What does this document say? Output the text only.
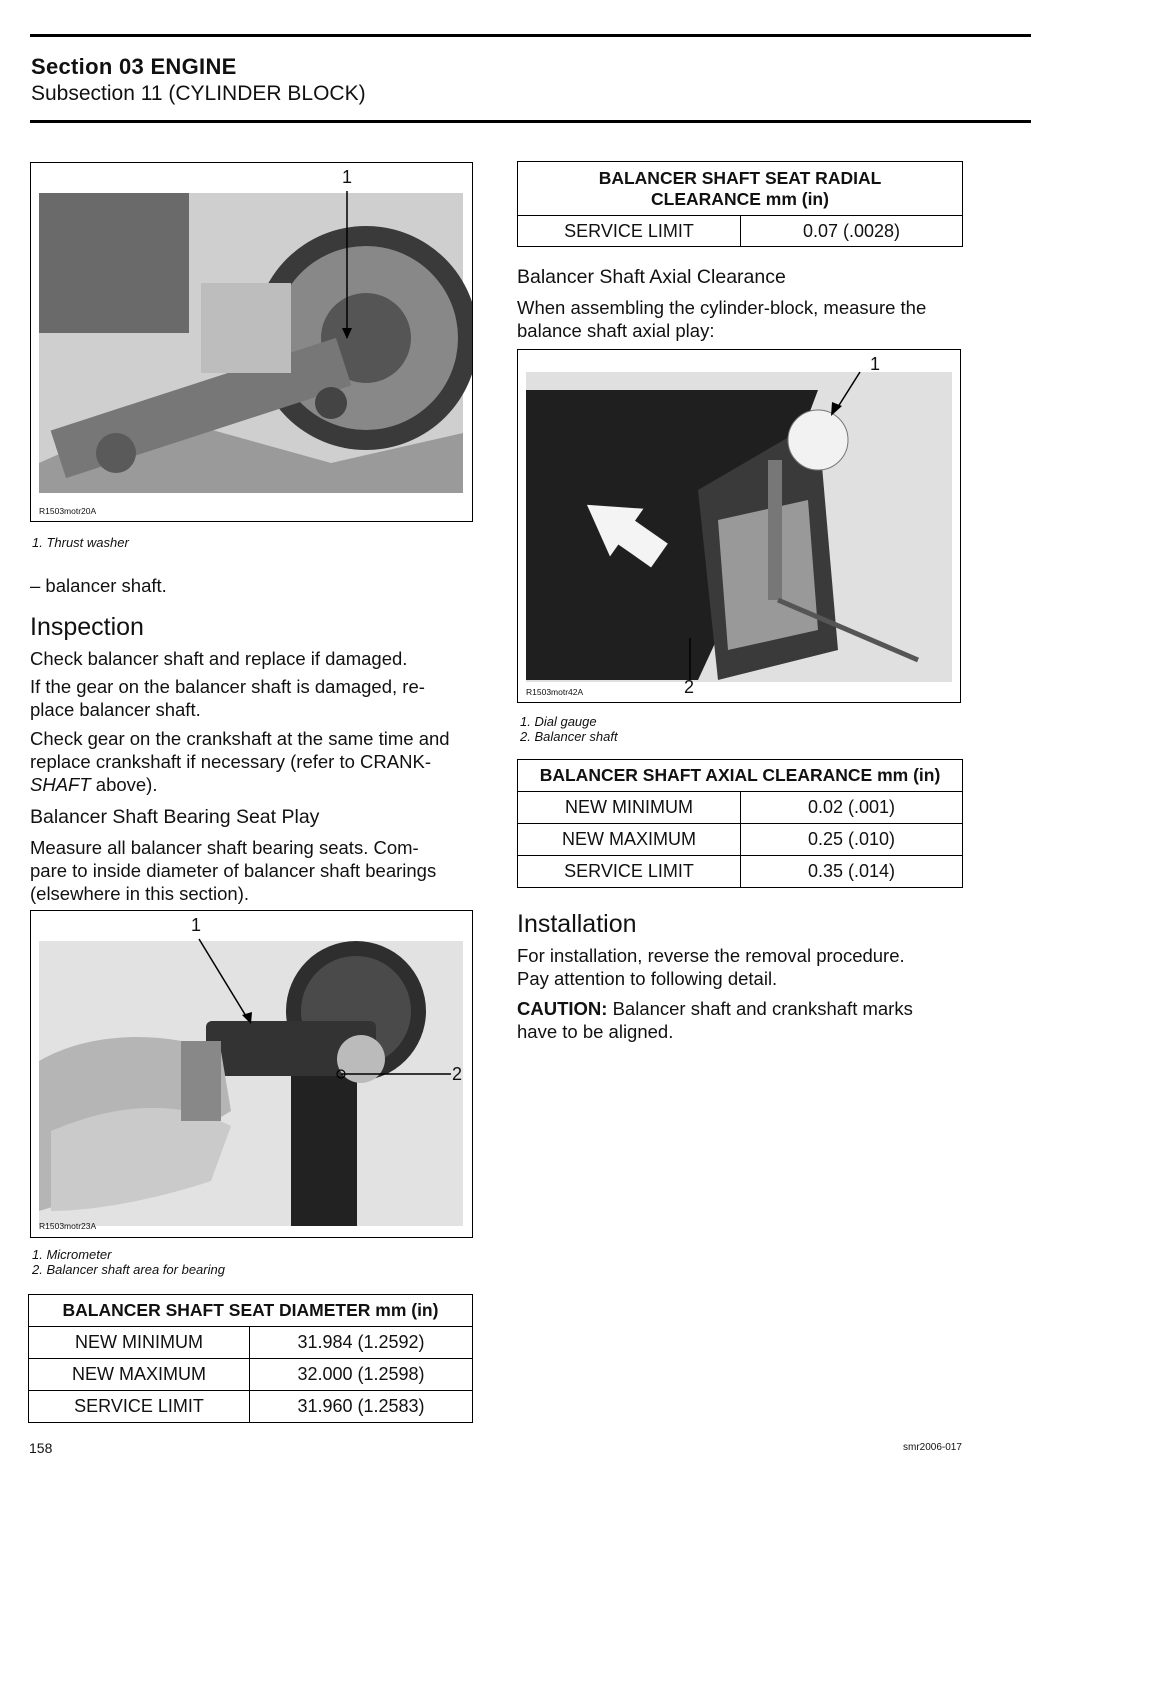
Section 03 ENGINE
Subsection 11 (CYLINDER BLOCK)
1
R1503motr20A
1. Thrust washer
– balancer shaft.
Inspection
Check balancer shaft and replace if damaged.
If the gear on the balancer shaft is damaged, re-
place balancer shaft.
Check gear on the crankshaft at the same time and
replace crankshaft if necessary (refer to CRANK-
SHAFT above).
Balancer Shaft Bearing Seat Play
Measure all balancer shaft bearing seats. Com-
pare to inside diameter of balancer shaft bearings
(elsewhere in this section).
1
2
R1503motr23A
1. Micrometer
2. Balancer shaft area for bearing
BALANCER SHAFT SEAT DIAMETER mm (in)	
NEW MINIMUM	31.984 (1.2592)
NEW MAXIMUM	32.000 (1.2598)
SERVICE LIMIT	31.960 (1.2583)
BALANCER SHAFT SEAT RADIAL
CLEARANCE mm (in)

SERVICE LIMIT	0.07 (.0028)
Balancer Shaft Axial Clearance
When assembling the cylinder-block, measure the
balance shaft axial play:
1
2
R1503motr42A
1. Dial gauge
2. Balancer shaft
BALANCER SHAFT AXIAL CLEARANCE mm (in)	
NEW MINIMUM	0.02 (.001)
NEW MAXIMUM	0.25 (.010)
SERVICE LIMIT	0.35 (.014)
Installation
For installation, reverse the removal procedure.
Pay attention to following detail.
CAUTION: Balancer shaft and crankshaft marks
have to be aligned.
158	smr2006-017
